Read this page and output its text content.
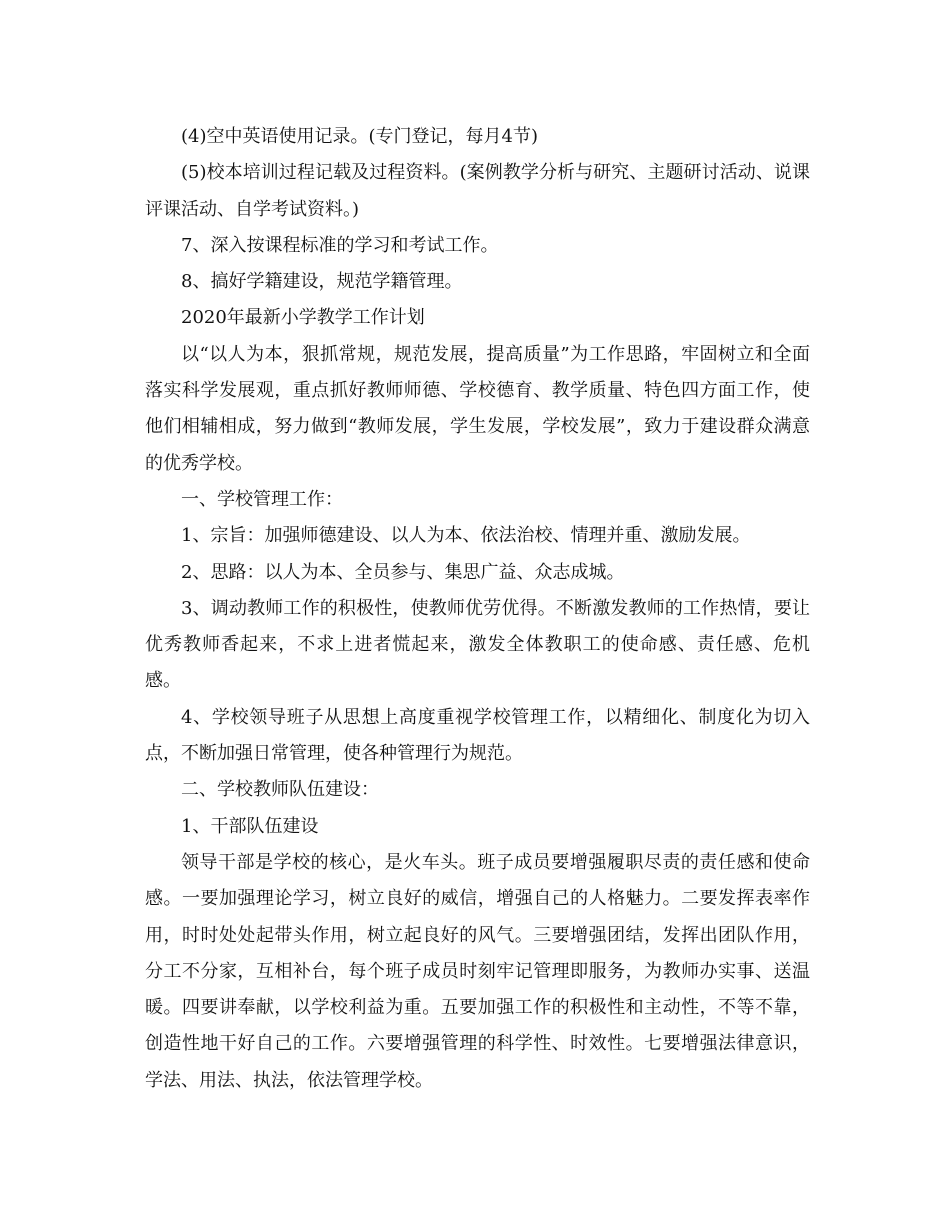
(4)空中英语使用记录。(专门登记，每月4节)

(5)校本培训过程记载及过程资料。(案例教学分析与研究、主题研讨活动、说课评课活动、自学考试资料。)

7、深入按课程标准的学习和考试工作。

8、搞好学籍建设，规范学籍管理。

2020年最新小学教学工作计划

以“以人为本，狠抓常规，规范发展，提高质量”为工作思路，牢固树立和全面落实科学发展观，重点抓好教师师德、学校德育、教学质量、特色四方面工作，使他们相辅相成，努力做到“教师发展，学生发展，学校发展”，致力于建设群众满意的优秀学校。

一、学校管理工作：

1、宗旨：加强师德建设、以人为本、依法治校、情理并重、激励发展。

2、思路：以人为本、全员参与、集思广益、众志成城。

3、调动教师工作的积极性，使教师优劳优得。不断激发教师的工作热情，要让优秀教师香起来，不求上进者慌起来，激发全体教职工的使命感、责任感、危机感。

4、学校领导班子从思想上高度重视学校管理工作，以精细化、制度化为切入点，不断加强日常管理，使各种管理行为规范。

二、学校教师队伍建设：

1、干部队伍建设

领导干部是学校的核心，是火车头。班子成员要增强履职尽责的责任感和使命感。一要加强理论学习，树立良好的威信，增强自己的人格魅力。二要发挥表率作用，时时处处起带头作用，树立起良好的风气。三要增强团结，发挥出团队作用，分工不分家，互相补台，每个班子成员时刻牢记管理即服务，为教师办实事、送温暖。四要讲奉献，以学校利益为重。五要加强工作的积极性和主动性，不等不靠，创造性地干好自己的工作。六要增强管理的科学性、时效性。七要增强法律意识，学法、用法、执法，依法管理学校。
